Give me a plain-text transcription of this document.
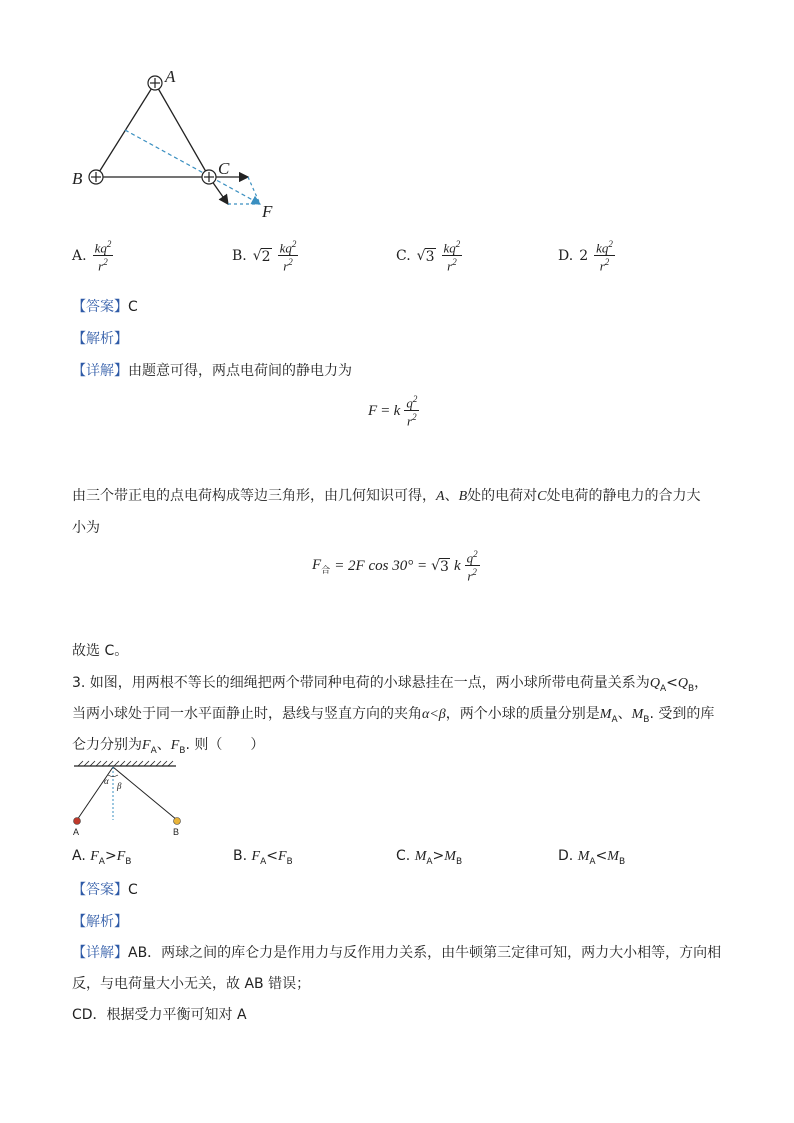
A
B
C
F
A. $\frac{kq^2}{r^2}$	B. √ $2 \frac{kq^2}{r^2}$	C. √ $3 \frac{kq^2}{r^2}$	D. $2 \frac{kq^2}{r^2}$
【答案】C
【解析】
【详解】由题意可得，两点电荷间的静电力为
F = k $\frac{q^2}{r^2}$
由三个带正电的点电荷构成等边三角形，由几何知识可得，A、B处的电荷对C处电荷的静电力的合力大
小为
$F_合 = 2F$ cos 30° = √ 3 k $\frac{q^2}{r^2}$
故选 C。
3. 如图，用两根不等长的细绳把两个带同种电荷的小球悬挂在一点，两小球所带电荷量关系为$Q_A<Q_B$，
当两小球处于同一水平面静止时，悬线与竖直方向的夹角α<β，两个小球的质量分别是$M_A$、$M_B$. 受到的库
仑力分别为$F_A$、$F_B$. 则（　　）
α β
A	B
A. $F_A>F_B$	B. $F_A<F_B$	C. $M_A>M_B$	D. $M_A<M_B$
【答案】C
【解析】
【详解】AB．两球之间的库仑力是作用力与反作用力关系，由牛顿第三定律可知，两力大小相等，方向相
反，与电荷量大小无关，故 AB 错误；
CD．根据受力平衡可知对 A
